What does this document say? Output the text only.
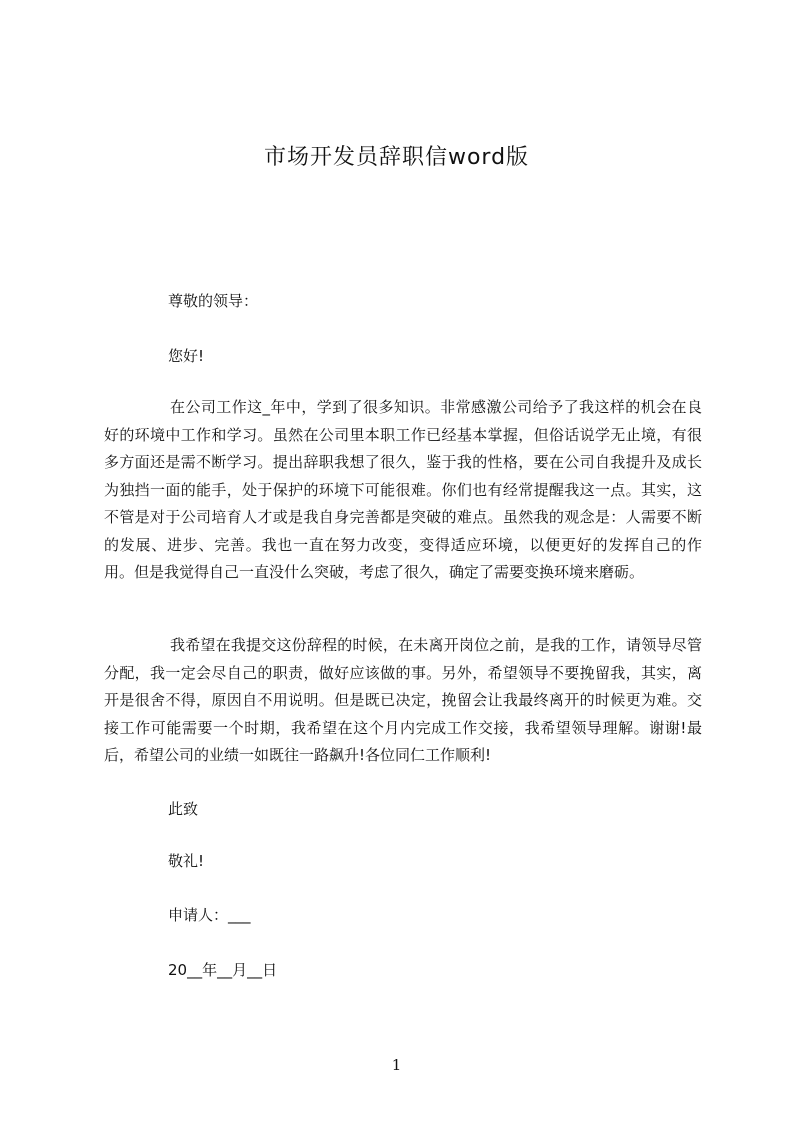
市场开发员辞职信word版
尊敬的领导：
您好!
在公司工作这_年中，学到了很多知识。非常感激公司给予了我这样的机会在良好的环境中工作和学习。虽然在公司里本职工作已经基本掌握，但俗话说学无止境，有很多方面还是需不断学习。提出辞职我想了很久，鉴于我的性格，要在公司自我提升及成长为独挡一面的能手，处于保护的环境下可能很难。你们也有经常提醒我这一点。其实，这不管是对于公司培育人才或是我自身完善都是突破的难点。虽然我的观念是：人需要不断的发展、进步、完善。我也一直在努力改变，变得适应环境，以便更好的发挥自己的作用。但是我觉得自己一直没什么突破，考虑了很久，确定了需要变换环境来磨砺。
我希望在我提交这份辞程的时候，在未离开岗位之前，是我的工作，请领导尽管分配，我一定会尽自己的职责，做好应该做的事。另外，希望领导不要挽留我，其实，离开是很舍不得，原因自不用说明。但是既已决定，挽留会让我最终离开的时候更为难。交接工作可能需要一个时期，我希望在这个月内完成工作交接，我希望领导理解。谢谢!最后，希望公司的业绩一如既往一路飙升!各位同仁工作顺利!
此致
敬礼!
申请人：___
20__年__月__日
1
